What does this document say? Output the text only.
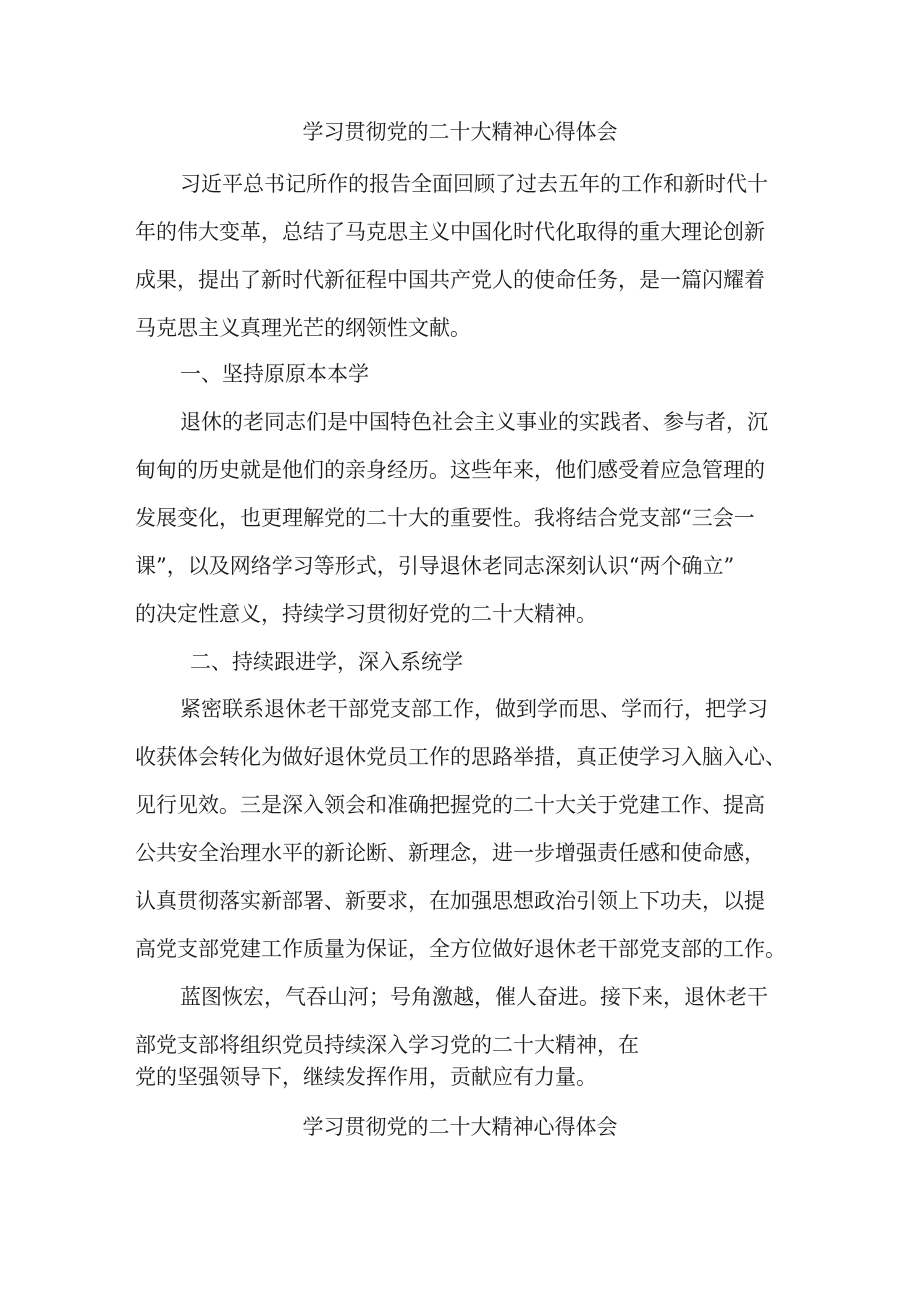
学习贯彻党的二十大精神心得体会
习近平总书记所作的报告全面回顾了过去五年的工作和新时代十
年的伟大变革，总结了马克思主义中国化时代化取得的重大理论创新
成果，提出了新时代新征程中国共产党人的使命任务，是一篇闪耀着
马克思主义真理光芒的纲领性文献。
一、坚持原原本本学
退休的老同志们是中国特色社会主义事业的实践者、参与者，沉
甸甸的历史就是他们的亲身经历。这些年来，他们感受着应急管理的
发展变化，也更理解党的二十大的重要性。我将结合党支部“三会一
课”，以及网络学习等形式，引导退休老同志深刻认识“两个确立”
的决定性意义，持续学习贯彻好党的二十大精神。
二、持续跟进学，深入系统学
紧密联系退休老干部党支部工作，做到学而思、学而行，把学习
收获体会转化为做好退休党员工作的思路举措，真正使学习入脑入心、
见行见效。三是深入领会和准确把握党的二十大关于党建工作、提高
公共安全治理水平的新论断、新理念，进一步增强责任感和使命感，
认真贯彻落实新部署、新要求，在加强思想政治引领上下功夫，以提
高党支部党建工作质量为保证，全方位做好退休老干部党支部的工作。
蓝图恢宏，气吞山河；号角激越，催人奋进。接下来，退休老干
部党支部将组织党员持续深入学习党的二十大精神，在
党的坚强领导下，继续发挥作用，贡献应有力量。
学习贯彻党的二十大精神心得体会
